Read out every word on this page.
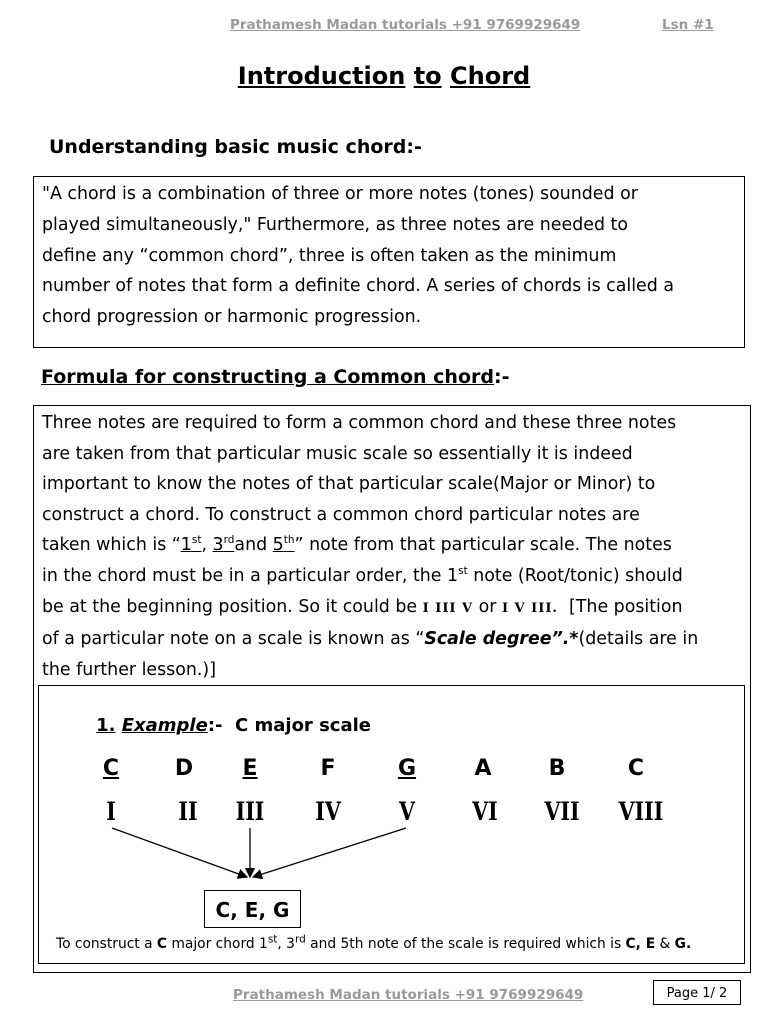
Prathamesh Madan tutorials +91 9769929649	Lsn #1
Introduction to Chord
Understanding basic music chord:-
"A chord is a combination of three or more notes (tones) sounded or
played simultaneously," Furthermore, as three notes are needed to
define any “common chord”, three is often taken as the minimum
number of notes that form a definite chord. A series of chords is called a
chord progression or harmonic progression.
Formula for constructing a Common chord:-
Three notes are required to form a common chord and these three notes
are taken from that particular music scale so essentially it is indeed
important to know the notes of that particular scale(Major or Minor) to
construct a chord. To construct a common chord particular notes are
taken which is “1st, 3rdand 5th” note from that particular scale. The notes
in the chord must be in a particular order, the 1st note (Root/tonic) should
be at the beginning position. So it could be I III V or I V III.  [The position
of a particular note on a scale is known as “Scale degree”.*(details are in
the further lesson.)]

1. Example:-  C major scale

C	D	E	F	G	A	B	C
I	II	III	IV	V	VI	VII VIII
C, E, G
To construct a C major chord 1st, 3rd and 5th note of the scale is required which is C, E & G.
Prathamesh Madan tutorials +91 9769929649	Page 1/ 2
